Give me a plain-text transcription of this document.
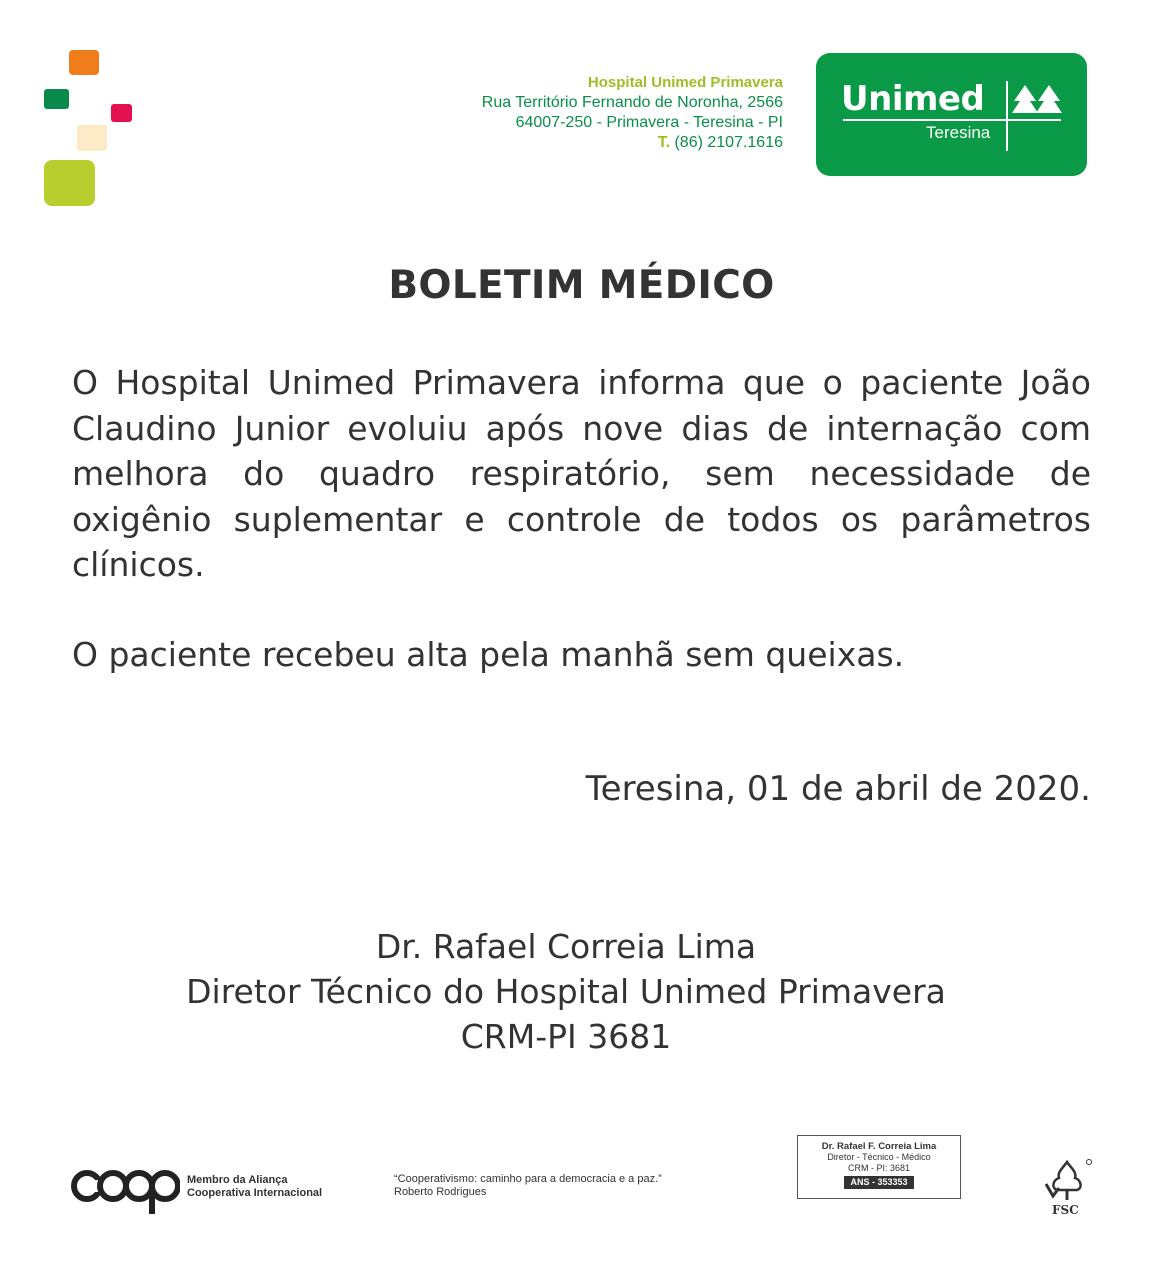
Hospital Unimed Primavera
Rua Território Fernando de Noronha, 2566
64007-250 - Primavera - Teresina - PI
T. (86) 2107.1616
Unimed
Teresina
BOLETIM MÉDICO

O Hospital Unimed Primavera informa que o paciente João Claudino Junior evoluiu após nove dias de internação com melhora do quadro respiratório, sem necessidade de oxigênio suplementar e controle de todos os parâmetros clínicos.

O paciente recebeu alta pela manhã sem queixas.

Teresina, 01 de abril de 2020.
Dr. Rafael Correia Lima
Diretor Técnico do Hospital Unimed Primavera
CRM-PI 3681
Membro da Aliança
Cooperativa Internacional
“Cooperativismo: caminho para a democracia e a paz.”
Roberto Rodrigues
Dr. Rafael F. Correia Lima
Diretor - Técnico - Médico
CRM - PI: 3681
ANS - 353353
FSC
